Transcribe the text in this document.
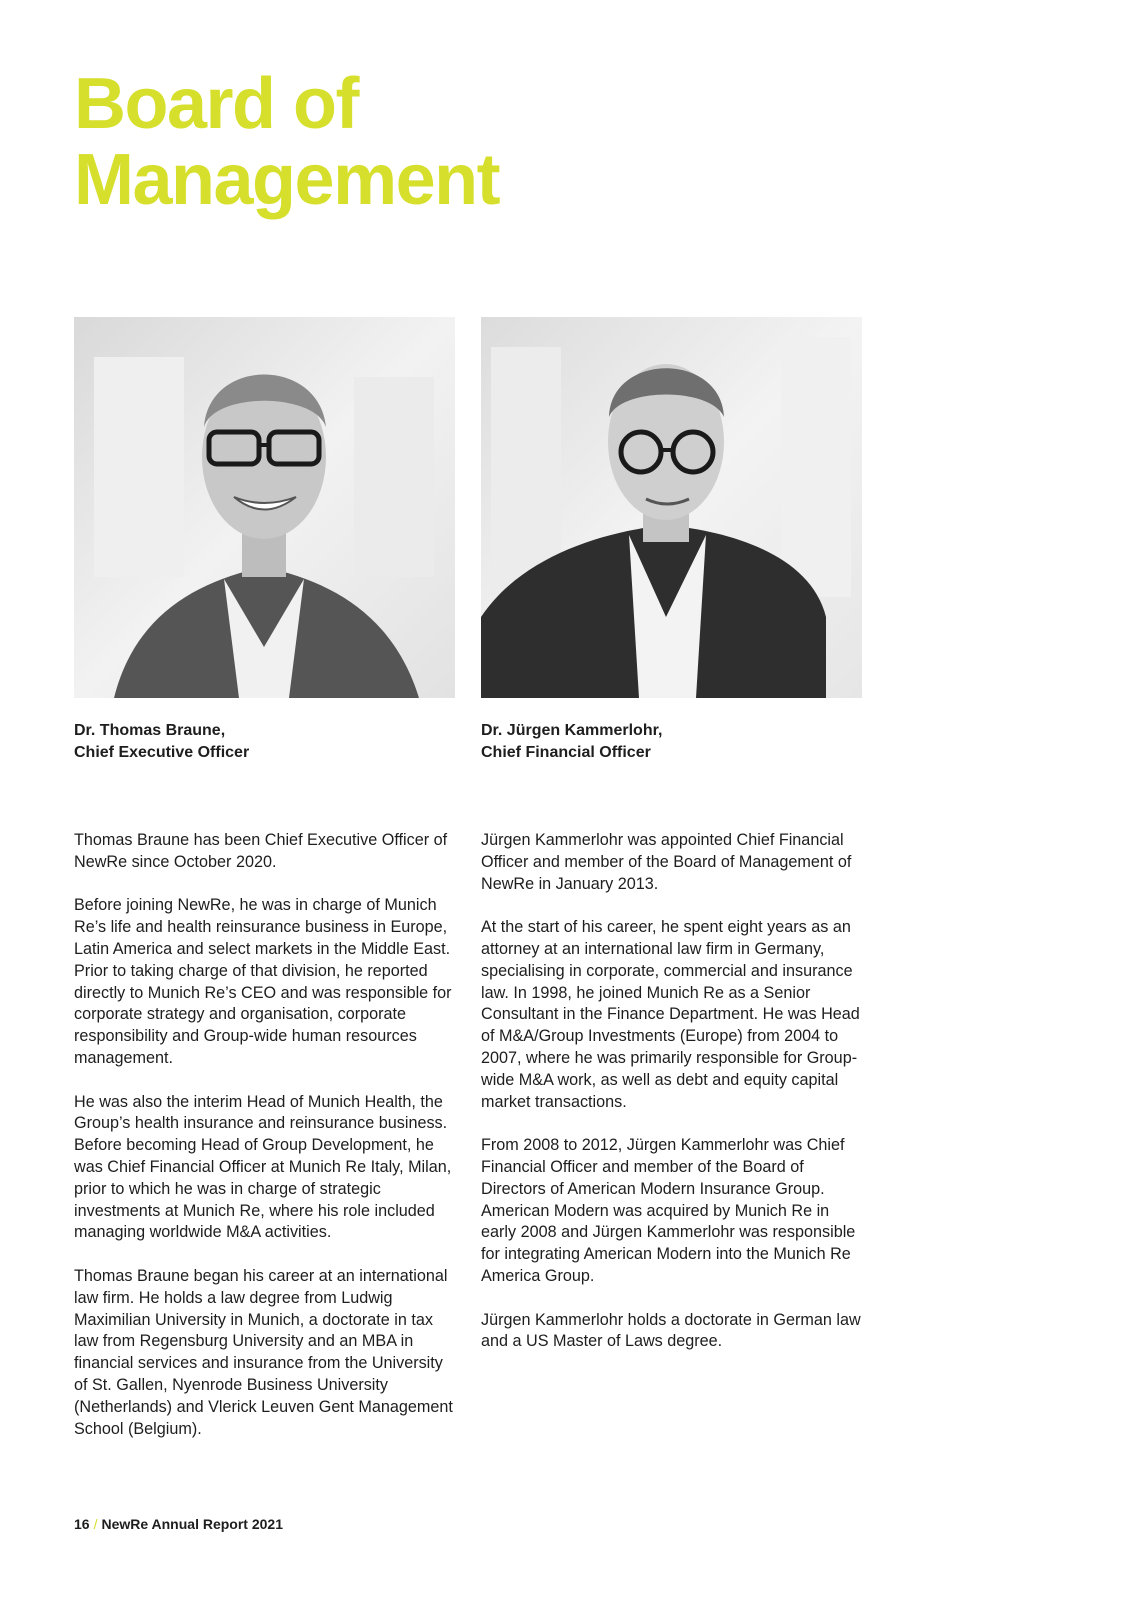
Board of
Management
Dr. Thomas Braune,
Chief Executive Officer

Thomas Braune has been Chief Executive Officer of NewRe since October 2020.

Before joining NewRe, he was in charge of Munich Re’s life and health reinsurance business in Europe, Latin America and select markets in the Middle East. Prior to taking charge of that division, he reported directly to Munich Re’s CEO and was responsible for corporate strategy and organisation, corporate responsibility and Group-wide human resources management.

He was also the interim Head of Munich Health, the Group’s health insurance and reinsurance business. Before becoming Head of Group Development, he was Chief Financial Officer at Munich Re Italy, Milan, prior to which he was in charge of strategic investments at Munich Re, where his role included managing worldwide M&A activities.

Thomas Braune began his career at an international law firm. He holds a law degree from Ludwig Maximilian University in Munich, a doctorate in tax law from Regensburg University and an MBA in financial services and insurance from the University of St. Gallen, Nyenrode Business University (Netherlands) and Vlerick Leuven Gent Management School (Belgium).

Dr. Jürgen Kammerlohr,
Chief Financial Officer

Jürgen Kammerlohr was appointed Chief Financial Officer and member of the Board of Management of NewRe in January 2013.

At the start of his career, he spent eight years as an attorney at an international law firm in Germany, specialising in corporate, commercial and insurance law. In 1998, he joined Munich Re as a Senior Consultant in the Finance Department. He was Head of M&A/Group Investments (Europe) from 2004 to 2007, where he was primarily responsible for Group-wide M&A work, as well as debt and equity capital market transactions.

From 2008 to 2012, Jürgen Kammerlohr was Chief Financial Officer and member of the Board of Directors of American Modern Insurance Group. American Modern was acquired by Munich Re in early 2008 and Jürgen Kammerlohr was responsible for integrating American Modern into the Munich Re America Group.

Jürgen Kammerlohr holds a doctorate in German law and a US Master of Laws degree.

16 / NewRe Annual Report 2021
